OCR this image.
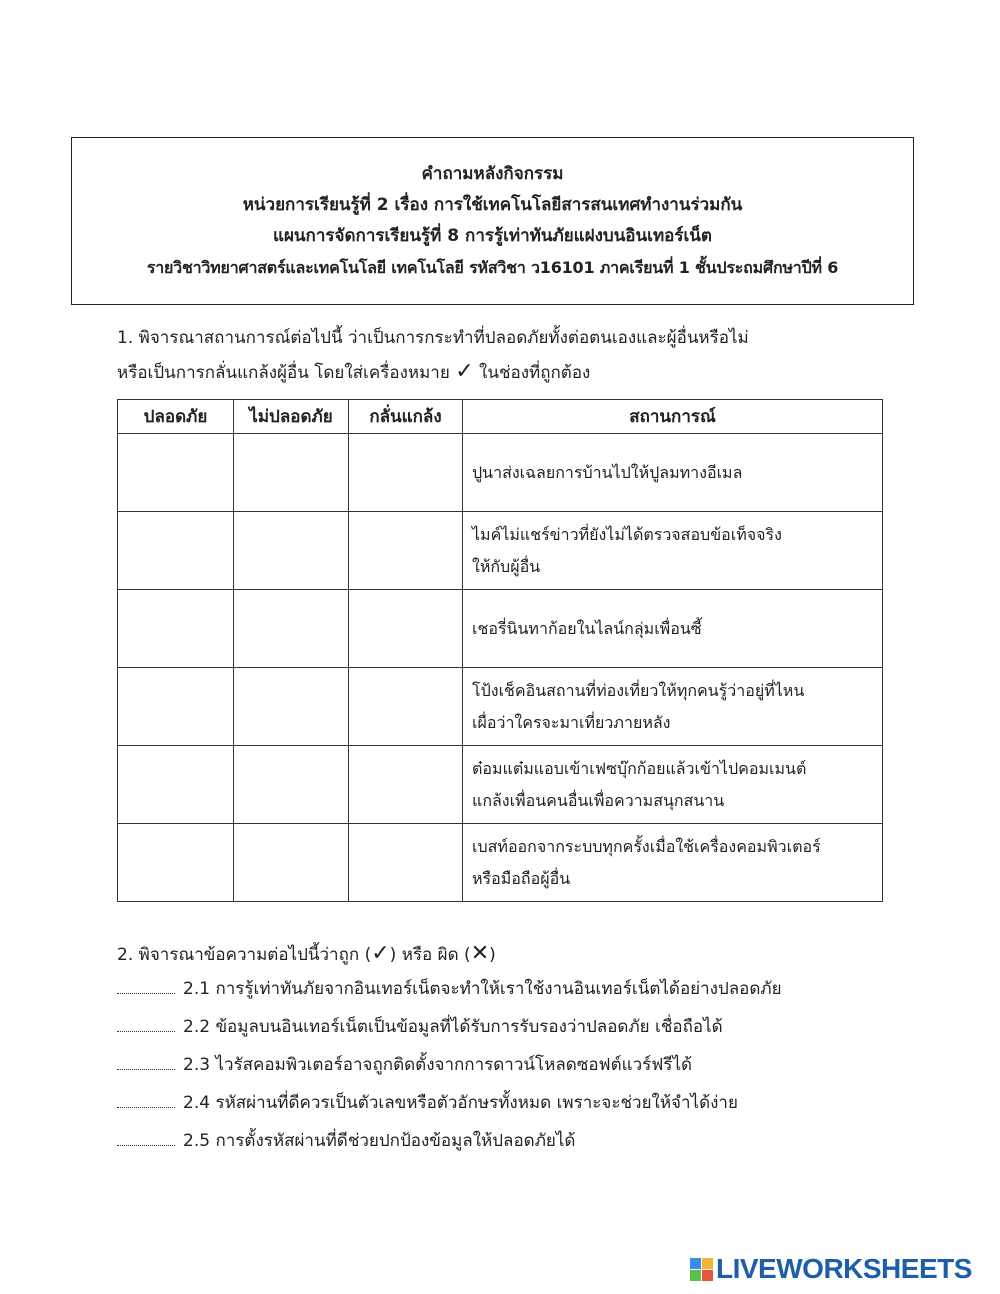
คำถามหลังกิจกรรม
หน่วยการเรียนรู้ที่ 2 เรื่อง การใช้เทคโนโลยีสารสนเทศทำงานร่วมกัน
แผนการจัดการเรียนรู้ที่ 8 การรู้เท่าทันภัยแฝงบนอินเทอร์เน็ต
รายวิชาวิทยาศาสตร์และเทคโนโลยี เทคโนโลยี รหัสวิชา ว16101 ภาคเรียนที่ 1 ชั้นประถมศึกษาปีที่ 6
1. พิจารณาสถานการณ์ต่อไปนี้ ว่าเป็นการกระทำที่ปลอดภัยทั้งต่อตนเองและผู้อื่นหรือไม่
หรือเป็นการกลั่นแกล้งผู้อื่น โดยใส่เครื่องหมาย ✓ ในช่องที่ถูกต้อง
ปลอดภัย	ไม่ปลอดภัย	กลั่นแกล้ง	สถานการณ์

			ปูนาส่งเฉลยการบ้านไปให้ปูลมทางอีเมล

			ไมค์ไม่แชร์ข่าวที่ยังไม่ได้ตรวจสอบข้อเท็จจริง
ให้กับผู้อื่น

			เชอรี่นินทาก้อยในไลน์กลุ่มเพื่อนซี้

			โป้งเช็คอินสถานที่ท่องเที่ยวให้ทุกคนรู้ว่าอยู่ที่ไหน
เผื่อว่าใครจะมาเที่ยวภายหลัง

			ต๋อมแต๋มแอบเข้าเฟซบุ๊กก้อยแล้วเข้าไปคอมเมนต์
แกล้งเพื่อนคนอื่นเพื่อความสนุกสนาน

			เบสท์ออกจากระบบทุกครั้งเมื่อใช้เครื่องคอมพิวเตอร์
หรือมือถือผู้อื่น
2. พิจารณาข้อความต่อไปนี้ว่าถูก (✓) หรือ ผิด (✕)
2.1 การรู้เท่าทันภัยจากอินเทอร์เน็ตจะทำให้เราใช้งานอินเทอร์เน็ตได้อย่างปลอดภัย
2.2 ข้อมูลบนอินเทอร์เน็ตเป็นข้อมูลที่ได้รับการรับรองว่าปลอดภัย เชื่อถือได้
2.3 ไวรัสคอมพิวเตอร์อาจถูกติดตั้งจากการดาวน์โหลดซอฟต์แวร์ฟรีได้
2.4 รหัสผ่านที่ดีควรเป็นตัวเลขหรือตัวอักษรทั้งหมด เพราะจะช่วยให้จำได้ง่าย
2.5 การตั้งรหัสผ่านที่ดีช่วยปกป้องข้อมูลให้ปลอดภัยได้
LIVEWORKSHEETS
